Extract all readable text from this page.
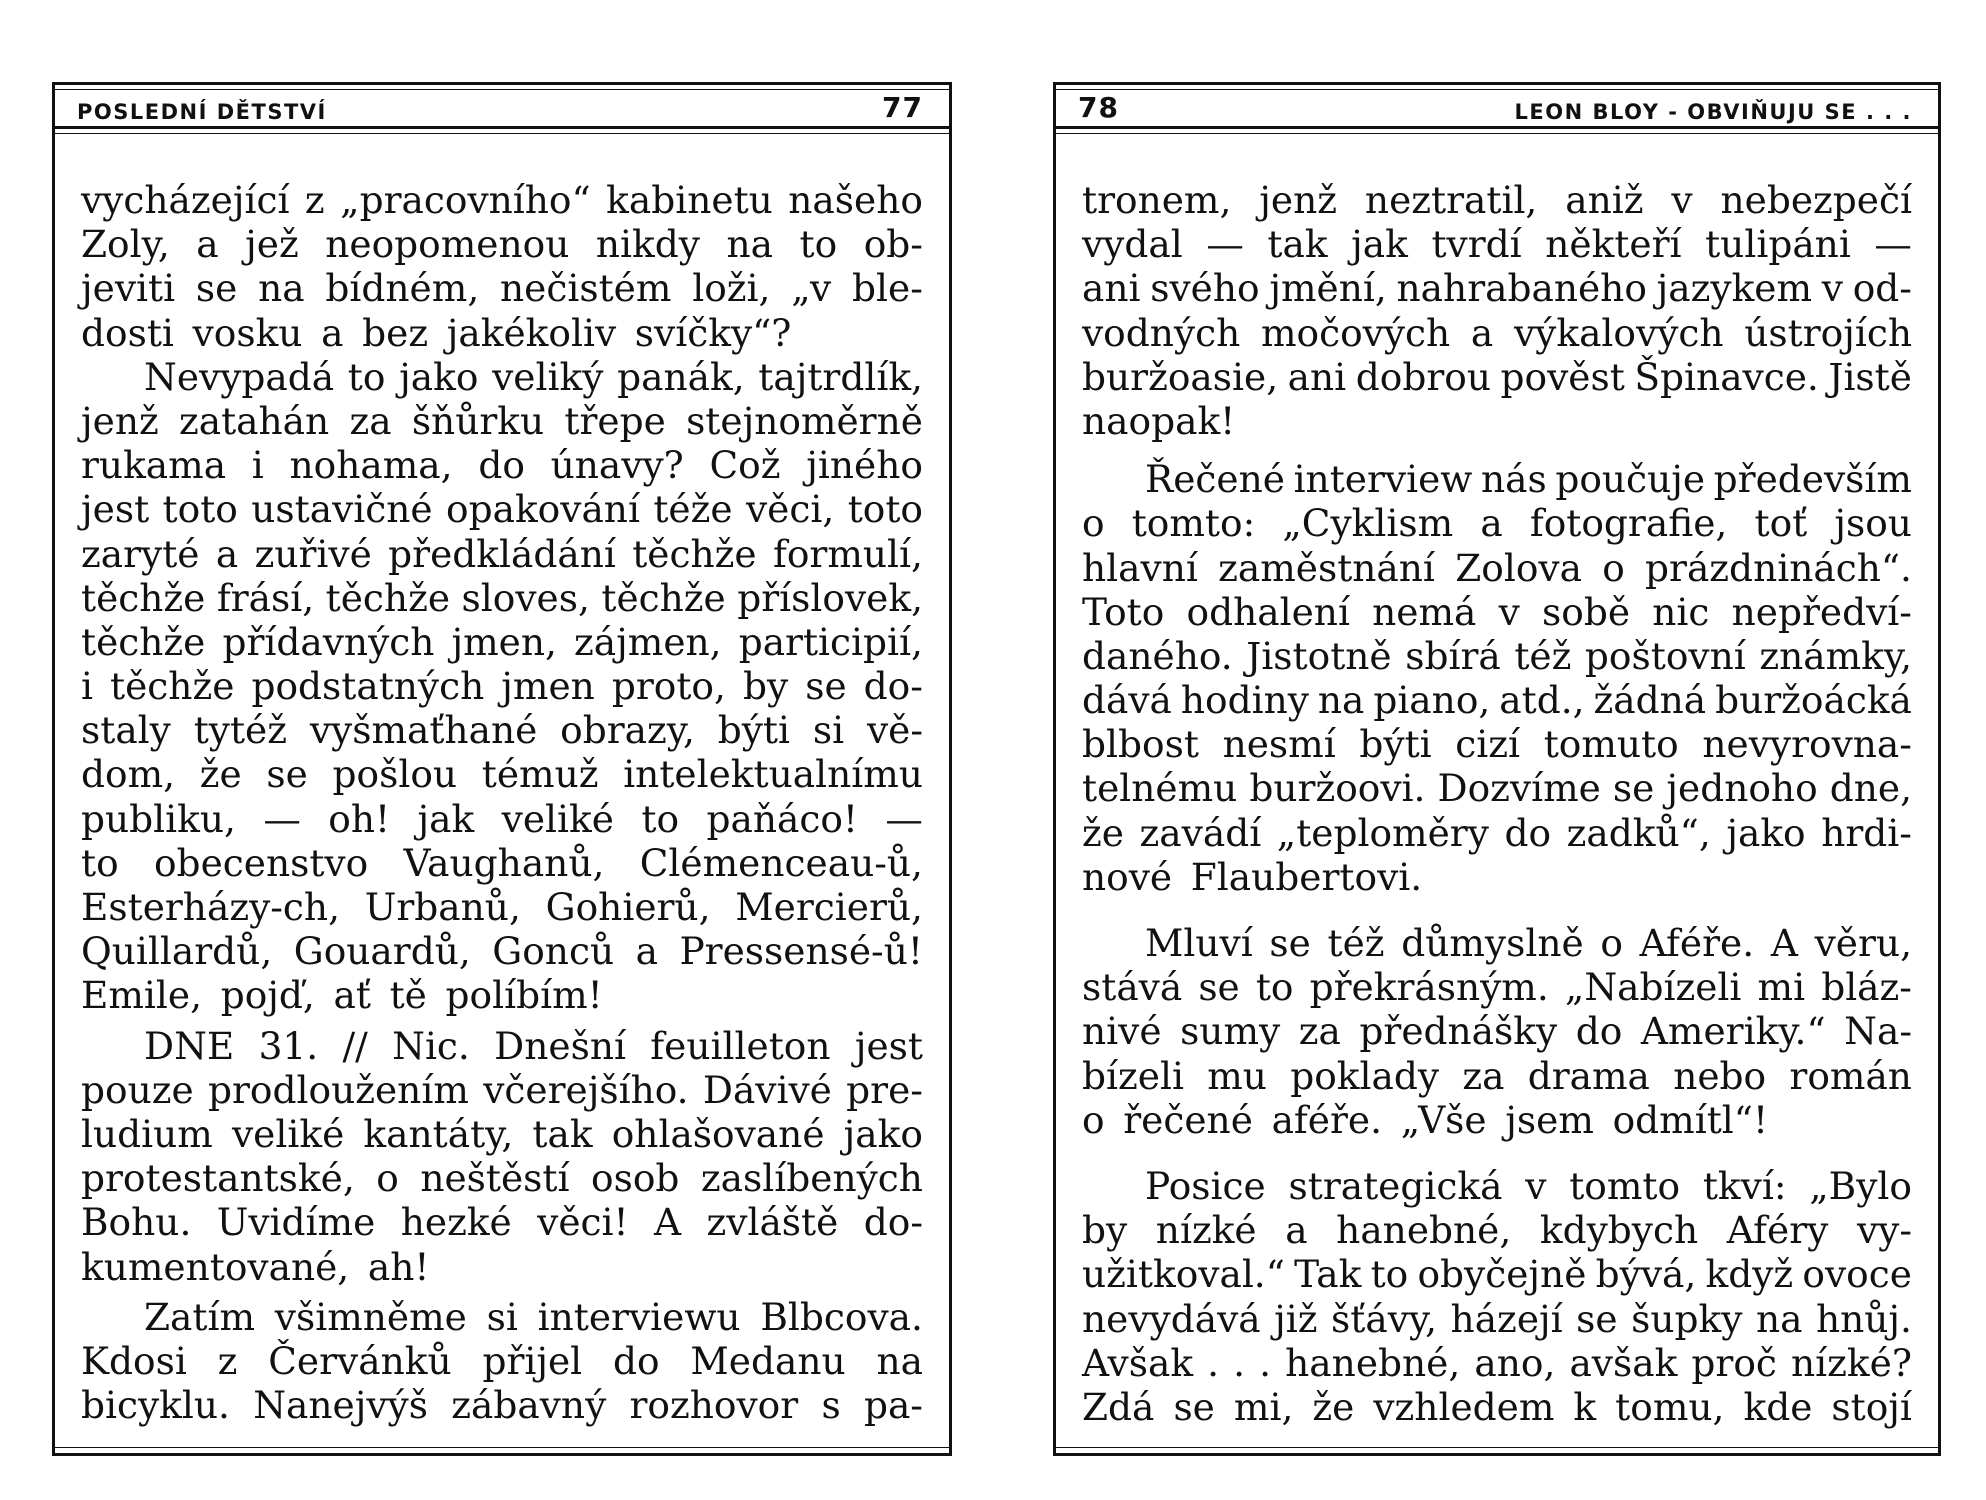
POSLEDNÍ DĚTSTVÍ	77
vycházející z „pracovního“ kabinetu našeho
Zoly, a jež neopomenou nikdy na to ob-
jeviti se na bídném, nečistém loži, „v ble-
dosti vosku a bez jakékoliv svíčky“?
Nevypadá to jako veliký panák, tajtrdlík,
jenž zatahán za šňůrku třepe stejnoměrně
rukama i nohama, do únavy? Což jiného
jest toto ustavičné opakování téže věci, toto
zaryté a zuřivé předkládání těchže formulí,
těchže frásí, těchže sloves, těchže příslovek,
těchže přídavných jmen, zájmen, participií,
i těchže podstatných jmen proto, by se do-
staly tytéž vyšmaťhané obrazy, býti si vě-
dom, že se pošlou témuž intelektualnímu
publiku, — oh! jak veliké to paňáco! —
to obecenstvo Vaughanů, Clémenceau-ů,
Esterházy-ch, Urbanů, Gohierů, Mercierů,
Quillardů, Gouardů, Gonců a Pressensé-ů!
Emile, pojď, ať tě políbím!
DNE 31. // Nic. Dnešní feuilleton jest
pouze prodloužením včerejšího. Dávivé pre-
ludium veliké kantáty, tak ohlašované jako
protestantské, o neštěstí osob zaslíbených
Bohu. Uvidíme hezké věci! A zvláště do-
kumentované, ah!
Zatím všimněme si interviewu Blbcova.
Kdosi z Červánků přijel do Medanu na
bicyklu. Nanejvýš zábavný rozhovor s pa-
78	LEON BLOY - OBVIŇUJU SE . . .
tronem, jenž neztratil, aniž v nebezpečí
vydal — tak jak tvrdí někteří tulipáni —
ani svého jmění, nahrabaného jazykem v od-
vodných močových a výkalových ústrojích
buržoasie, ani dobrou pověst Špinavce. Jistě
naopak!
Řečené interview nás poučuje především
o tomto: „Cyklism a fotografie, toť jsou
hlavní zaměstnání Zolova o prázdninách“.
Toto odhalení nemá v sobě nic nepředví-
daného. Jistotně sbírá též poštovní známky,
dává hodiny na piano, atd., žádná buržoácká
blbost nesmí býti cizí tomuto nevyrovna-
telnému buržoovi. Dozvíme se jednoho dne,
že zavádí „teploměry do zadků“, jako hrdi-
nové Flaubertovi.
Mluví se též důmyslně o Aféře. A věru,
stává se to překrásným. „Nabízeli mi bláz-
nivé sumy za přednášky do Ameriky.“ Na-
bízeli mu poklady za drama nebo román
o řečené aféře. „Vše jsem odmítl“!
Posice strategická v tomto tkví: „Bylo
by nízké a hanebné, kdybych Aféry vy-
užitkoval.“ Tak to obyčejně bývá, když ovoce
nevydává již šťávy, házejí se šupky na hnůj.
Avšak . . . hanebné, ano, avšak proč nízké?
Zdá se mi, že vzhledem k tomu, kde stojí
